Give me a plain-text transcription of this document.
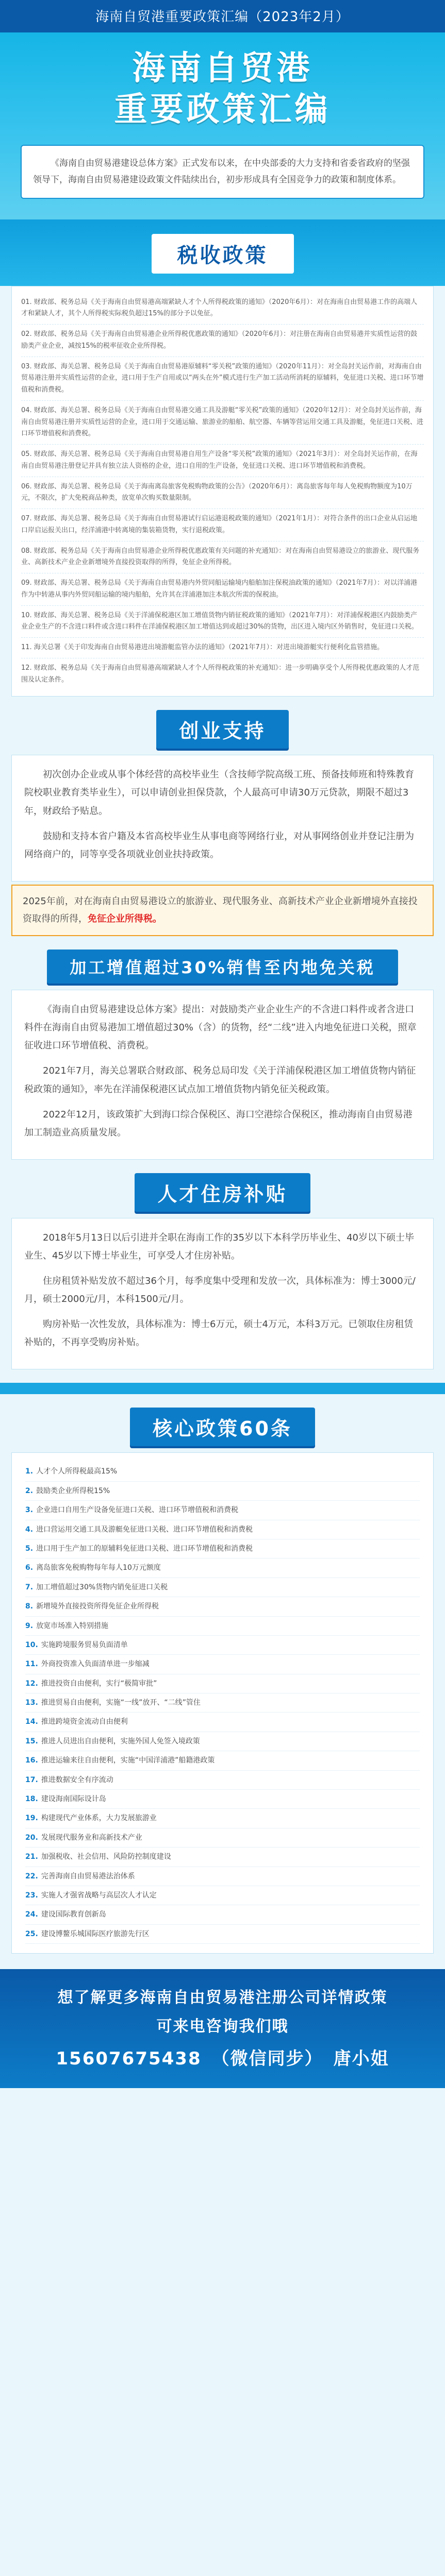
海南自贸港重要政策汇编（2023年2月）
海南自贸港
重要政策汇编
《海南自由贸易港建设总体方案》正式发布以来，在中央部委的大力支持和省委省政府的坚强领导下，海南自由贸易港建设政策文件陆续出台，初步形成具有全国竞争力的政策和制度体系。
税收政策
01. 财政部、税务总局《关于海南自由贸易港高端紧缺人才个人所得税政策的通知》（2020年6月）：对在海南自由贸易港工作的高端人才和紧缺人才，其个人所得税实际税负超过15%的部分予以免征。
02. 财政部、税务总局《关于海南自由贸易港企业所得税优惠政策的通知》（2020年6月）：对注册在海南自由贸易港并实质性运营的鼓励类产业企业，减按15%的税率征收企业所得税。
03. 财政部、海关总署、税务总局《关于海南自由贸易港原辅料“零关税”政策的通知》（2020年11月）：对全岛封关运作前，对海南自由贸易港注册并实质性运营的企业，进口用于生产自用或以“两头在外”模式进行生产加工活动所消耗的原辅料，免征进口关税、进口环节增值税和消费税。
04. 财政部、海关总署、税务总局《关于海南自由贸易港交通工具及游艇“零关税”政策的通知》（2020年12月）：对全岛封关运作前，海南自由贸易港注册并实质性运营的企业，进口用于交通运输、旅游业的船舶、航空器、车辆等营运用交通工具及游艇，免征进口关税、进口环节增值税和消费税。
05. 财政部、海关总署、税务总局《关于海南自由贸易港自用生产设备“零关税”政策的通知》（2021年3月）：对全岛封关运作前，在海南自由贸易港注册登记并具有独立法人资格的企业，进口自用的生产设备，免征进口关税、进口环节增值税和消费税。
06. 财政部、海关总署、税务总局《关于海南离岛旅客免税购物政策的公告》（2020年6月）：离岛旅客每年每人免税购物额度为10万元，不限次，扩大免税商品种类，放宽单次购买数量限制。
07. 财政部、海关总署、税务总局《关于海南自由贸易港试行启运港退税政策的通知》（2021年1月）：对符合条件的出口企业从启运地口岸启运报关出口，经洋浦港中转离境的集装箱货物，实行退税政策。
08. 财政部、税务总局《关于海南自由贸易港企业所得税优惠政策有关问题的补充通知》：对在海南自由贸易港设立的旅游业、现代服务业、高新技术产业企业新增境外直接投资取得的所得，免征企业所得税。
09. 财政部、海关总署、税务总局《关于海南自由贸易港内外贸同船运输境内船舶加注保税油政策的通知》（2021年7月）：对以洋浦港作为中转港从事内外贸同船运输的境内船舶，允许其在洋浦港加注本航次所需的保税油。
10. 财政部、海关总署、税务总局《关于洋浦保税港区加工增值货物内销征税政策的通知》（2021年7月）：对洋浦保税港区内鼓励类产业企业生产的不含进口料件或含进口料件在洋浦保税港区加工增值达到或超过30%的货物，出区进入境内区外销售时，免征进口关税。
11. 海关总署《关于印发海南自由贸易港进出境游艇监管办法的通知》（2021年7月）：对进出境游艇实行便利化监管措施。
12. 财政部、税务总局《关于海南自由贸易港高端紧缺人才个人所得税政策的补充通知》：进一步明确享受个人所得税优惠政策的人才范围及认定条件。
创业支持

初次创办企业或从事个体经营的高校毕业生（含技师学院高级工班、预备技师班和特殊教育院校职业教育类毕业生），可以申请创业担保贷款，个人最高可申请30万元贷款，期限不超过3年，财政给予贴息。

鼓励和支持本省户籍及本省高校毕业生从事电商等网络行业，对从事网络创业并登记注册为网络商户的，同等享受各项就业创业扶持政策。

2025年前，对在海南自由贸易港设立的旅游业、现代服务业、高新技术产业企业新增境外直接投资取得的所得，免征企业所得税。
加工增值超过30%销售至内地免关税

《海南自由贸易港建设总体方案》提出：对鼓励类产业企业生产的不含进口料件或者含进口料件在海南自由贸易港加工增值超过30%（含）的货物，经“二线”进入内地免征进口关税，照章征收进口环节增值税、消费税。

2021年7月，海关总署联合财政部、税务总局印发《关于洋浦保税港区加工增值货物内销征税政策的通知》，率先在洋浦保税港区试点加工增值货物内销免征关税政策。

2022年12月，该政策扩大到海口综合保税区、海口空港综合保税区，推动海南自由贸易港加工制造业高质量发展。

人才住房补贴

2018年5月13日以后引进并全职在海南工作的35岁以下本科学历毕业生、40岁以下硕士毕业生、45岁以下博士毕业生，可享受人才住房补贴。

住房租赁补贴发放不超过36个月，每季度集中受理和发放一次，具体标准为：博士3000元/月，硕士2000元/月，本科1500元/月。

购房补贴一次性发放，具体标准为：博士6万元，硕士4万元，本科3万元。已领取住房租赁补贴的，不再享受购房补贴。

核心政策60条
1. 人才个人所得税最高15%
2. 鼓励类企业所得税15%
3. 企业进口自用生产设备免征进口关税、进口环节增值税和消费税
4. 进口营运用交通工具及游艇免征进口关税、进口环节增值税和消费税
5. 进口用于生产加工的原辅料免征进口关税、进口环节增值税和消费税
6. 离岛旅客免税购物每年每人10万元额度
7. 加工增值超过30%货物内销免征进口关税
8. 新增境外直接投资所得免征企业所得税
9. 放宽市场准入特别措施
10. 实施跨境服务贸易负面清单
11. 外商投资准入负面清单进一步缩减
12. 推进投资自由便利，实行“极简审批”
13. 推进贸易自由便利，实施“一线”放开、“二线”管住
14. 推进跨境资金流动自由便利
15. 推进人员进出自由便利，实施外国人免签入境政策
16. 推进运输来往自由便利，实施“中国洋浦港”船籍港政策
17. 推进数据安全有序流动
18. 建设海南国际设计岛
19. 构建现代产业体系，大力发展旅游业
20. 发展现代服务业和高新技术产业
21. 加强税收、社会信用、风险防控制度建设
22. 完善海南自由贸易港法治体系
23. 实施人才强省战略与高层次人才认定
24. 建设国际教育创新岛
25. 建设博鳌乐城国际医疗旅游先行区
想了解更多海南自由贸易港注册公司详情政策
可来电咨询我们哦
15607675438 （微信同步） 唐小姐
